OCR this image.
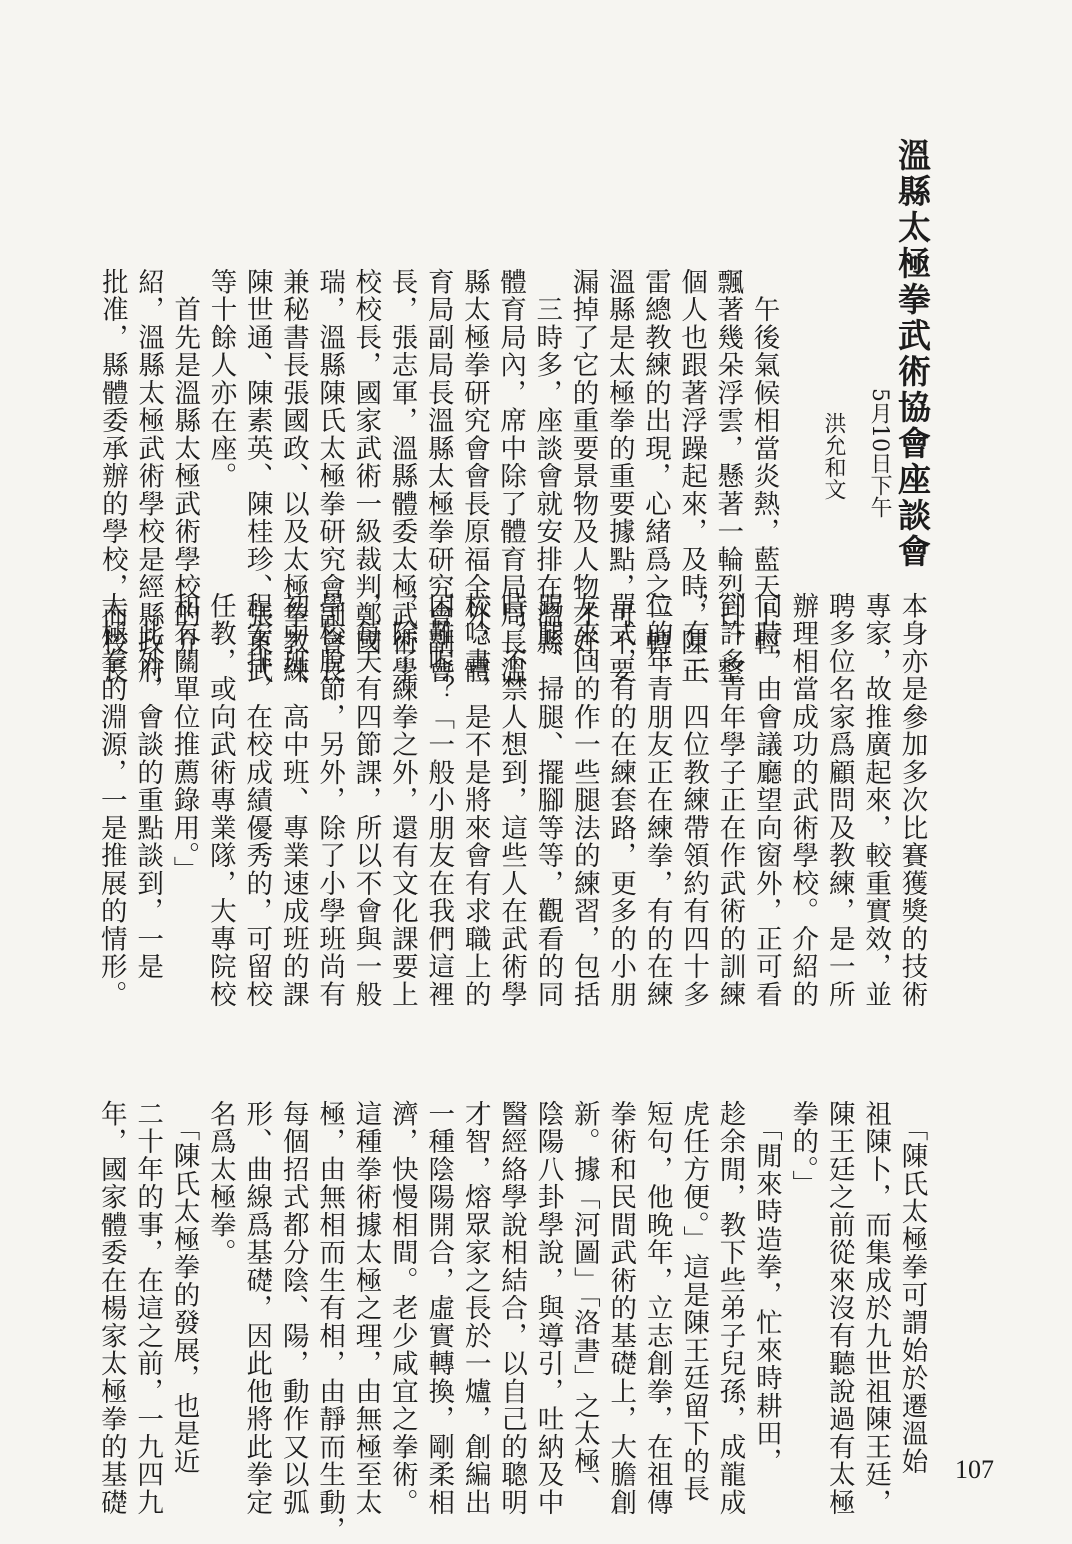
溫縣太極拳武術協會座談會
5月10日下午
洪允和文
　午後氣候相當炎熱，藍天上輕
飄著幾朵浮雲，懸著一輪烈日，整
個人也跟著浮躁起來，及時，陳正
雷總教練的出現，心緒爲之一轉，
溫縣是太極拳的重要據點，可不要
漏掉了它的重要景物及人物才好。
　三時多，座談會就安排在溫縣
體育局內，席中除了體育局局長溫
縣太極拳研究會會長原福全外，體
育局副局長溫縣太極拳研究會副會
長，張志軍，溫縣體委太極武術學
校校長，國家武術一級裁判鄭國
瑞，溫縣陳氏太極拳研究會副會長
兼秘書長張國政、以及太極拳教練
陳世通、陳素英、陳桂珍、張東武
等十餘人亦在座。
　首先是溫縣太極武術學校的介
紹，溫縣太極武術學校是經縣政府
批准，縣體委承辦的學校，而校長
本身亦是參加多次比賽獲獎的技術
專家，故推廣起來，較重實效，並
聘多位名家爲顧問及教練，是一所
辦理相當成功的武術學校。介紹的
同時，由會議廳望向窗外，正可看
到許多青年學子正在作武術的訓練
，有三、四位教練帶領約有四十多
位的年青朋友正在練拳，有的在練
單式，有的在練套路，更多的小朋
友來回的作一些腿法的練習，包括
踢腿、掃腿、擺腳等等，觀看的同
時，不禁人想到，這些人在武術學
校唸書，是不是將來會有求職上的
困難呢？「一般小朋友在我們這裡
，除了練拳之外，還有文化課要上
，每天有四節課，所以不會與一般
學校脫節，另外，除了小學班尚有
初中班、高中班、專業速成班的課
程安排，在校成績優秀的，可留校
任教，或向武術專業隊，大專院校
和有關單位推薦錄用。」
　此外，會談的重點談到，一是
太極拳的淵源，一是推展的情形。
　「陳氏太極拳可謂始於遷溫始
祖陳卜，而集成於九世祖陳王廷，
陳王廷之前從來沒有聽說過有太極
拳的。」
　「閒來時造拳，忙來時耕田，
趁余閒，教下些弟子兒孫，成龍成
虎任方便。」這是陳王廷留下的長
短句，他晚年，立志創拳，在祖傳
拳術和民間武術的基礎上，大膽創
新。據「河圖」「洛書」之太極、
陰陽八卦學說，與導引，吐納及中
醫經絡學說相結合，以自己的聰明
才智，熔眾家之長於一爐，創編出
一種陰陽開合，虛實轉換，剛柔相
濟，快慢相間。老少咸宜之拳術。
這種拳術據太極之理，由無極至太
極，由無相而生有相，由靜而生動，
每個招式都分陰、陽，動作又以弧
形、曲線爲基礎，因此他將此拳定
名爲太極拳。
　「陳氏太極拳的發展，也是近
二十年的事，在這之前，一九四九
年，國家體委在楊家太極拳的基礎	107
